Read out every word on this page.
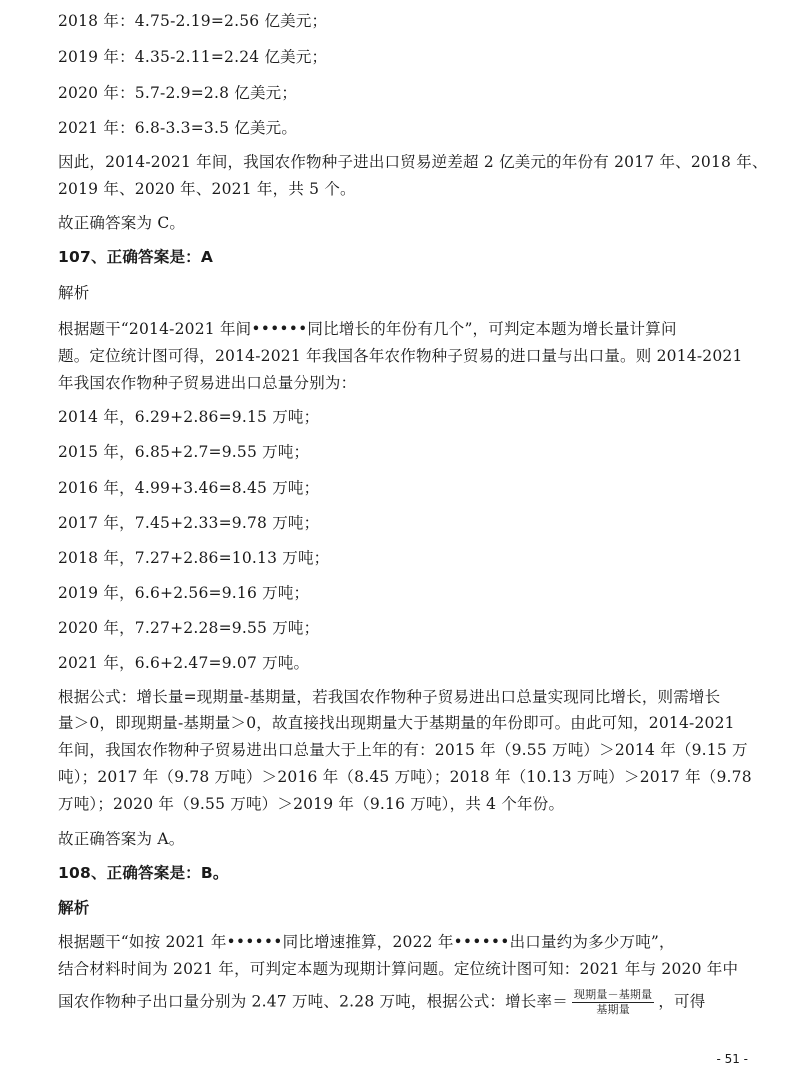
2018 年：4.75-2.19=2.56 亿美元；
2019 年：4.35-2.11=2.24 亿美元；
2020 年：5.7-2.9=2.8 亿美元；
2021 年：6.8-3.3=3.5 亿美元。
因此，2014-2021 年间，我国农作物种子进出口贸易逆差超 2 亿美元的年份有 2017 年、2018 年、
2019 年、2020 年、2021 年，共 5 个。
故正确答案为 C。
107、正确答案是：A
解析
根据题干“2014-2021 年间••••••同比增长的年份有几个”，可判定本题为增长量计算问
题。定位统计图可得，2014-2021 年我国各年农作物种子贸易的进口量与出口量。则 2014-2021
年我国农作物种子贸易进出口总量分别为：
2014 年，6.29+2.86=9.15 万吨；
2015 年，6.85+2.7=9.55 万吨；
2016 年，4.99+3.46=8.45 万吨；
2017 年，7.45+2.33=9.78 万吨；
2018 年，7.27+2.86=10.13 万吨；
2019 年，6.6+2.56=9.16 万吨；
2020 年，7.27+2.28=9.55 万吨；
2021 年，6.6+2.47=9.07 万吨。
根据公式：增长量=现期量-基期量，若我国农作物种子贸易进出口总量实现同比增长，则需增长
量＞0，即现期量-基期量＞0，故直接找出现期量大于基期量的年份即可。由此可知，2014-2021
年间，我国农作物种子贸易进出口总量大于上年的有：2015 年（9.55 万吨）＞2014 年（9.15 万
吨）；2017 年（9.78 万吨）＞2016 年（8.45 万吨）；2018 年（10.13 万吨）＞2017 年（9.78
万吨）；2020 年（9.55 万吨）＞2019 年（9.16 万吨），共 4 个年份。
故正确答案为 A。
108、正确答案是：B。
解析
根据题干“如按 2021 年••••••同比增速推算，2022 年••••••出口量约为多少万吨”，
结合材料时间为 2021 年，可判定本题为现期计算问题。定位统计图可知：2021 年与 2020 年中
国农作物种子出口量分别为 2.47 万吨、2.28 万吨，根据公式：增长率＝ $\frac{\text{现期量－基期量}}{\text{基期量}}$ ，可得
- 51 -
